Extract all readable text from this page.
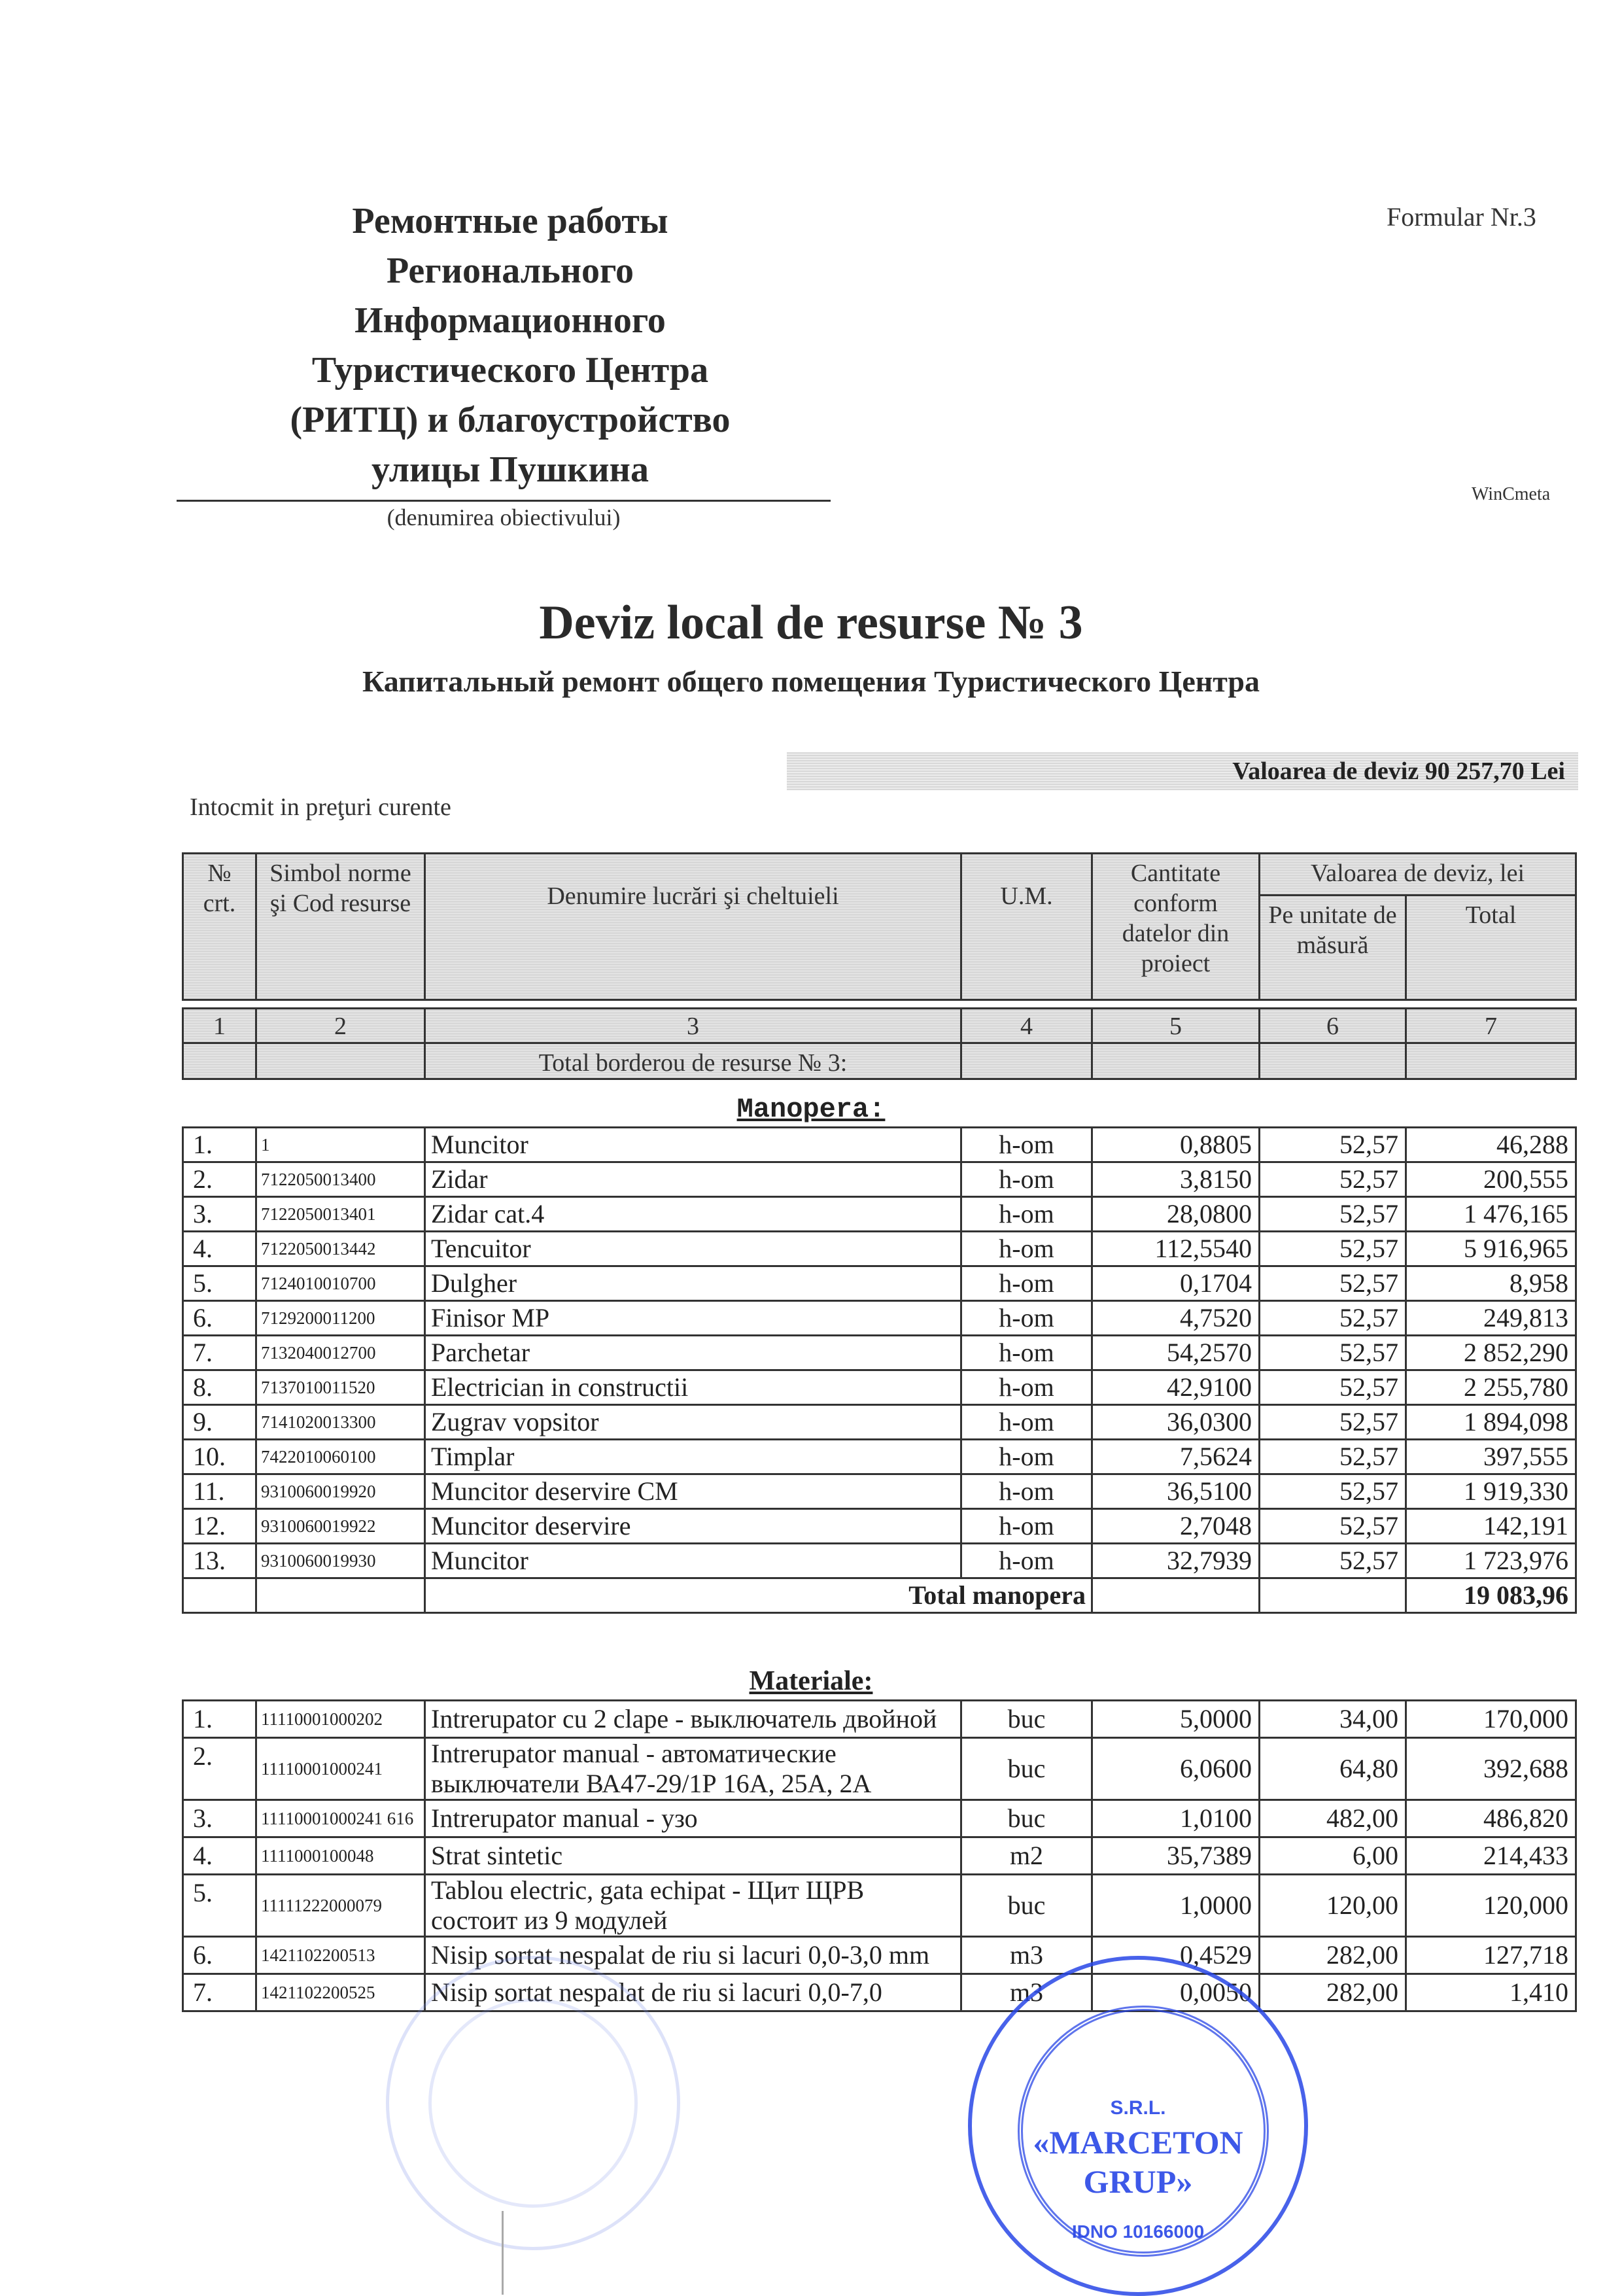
Ремонтные работы
Регионального
Информационного
Туристического Центра
(РИТЦ) и благоустройство
улицы Пушкина
(denumirea obiectivului)
Formular Nr.3
WinCmeta
Deviz local de resurse № 3
Капитальный ремонт общего помещения Туристического Центра
Valoarea de deviz 90 257,70 Lei
Intocmit in preţuri curente
№ crt.	Simbol norme şi Cod resurse	Denumire lucrări şi cheltuieli	U.M.	Cantitate conform datelor din proiect	Valoarea de deviz, lei	
					Pe unitate de măsură	Total

1	2	3	4	5	6	7
		Total borderou de resurse № 3:				
Manopera:
1.	1	Muncitor	h-om	0,8805	52,57	46,288
2.	7122050013400	Zidar	h-om	3,8150	52,57	200,555
3.	7122050013401	Zidar cat.4	h-om	28,0800	52,57	1 476,165
4.	7122050013442	Tencuitor	h-om	112,5540	52,57	5 916,965
5.	7124010010700	Dulgher	h-om	0,1704	52,57	8,958
6.	7129200011200	Finisor MP	h-om	4,7520	52,57	249,813
7.	7132040012700	Parchetar	h-om	54,2570	52,57	2 852,290
8.	7137010011520	Electrician in constructii	h-om	42,9100	52,57	2 255,780
9.	7141020013300	Zugrav vopsitor	h-om	36,0300	52,57	1 894,098
10.	7422010060100	Timplar	h-om	7,5624	52,57	397,555
11.	9310060019920	Muncitor deservire CM	h-om	36,5100	52,57	1 919,330
12.	9310060019922	Muncitor deservire	h-om	2,7048	52,57	142,191
13.	9310060019930	Muncitor	h-om	32,7939	52,57	1 723,976
		Total manopera				19 083,96
Materiale:
1.	11110001000202	Intrerupator cu 2 clape - выключатель двойной	buc	5,0000	34,00	170,000
2.	11110001000241	Intrerupator manual - автоматические выключатели ВА47-29/1Р 16А, 25А, 2А	buc	6,0600	64,80	392,688
3.	11110001000241 616	Intrerupator manual - узо	buc	1,0100	482,00	486,820
4.	1111000100048	Strat sintetic	m2	35,7389	6,00	214,433
5.	11111222000079	Tablou electric, gata echipat - Щит ЩРВ состоит из 9 модулей	buc	1,0000	120,00	120,000
6.	1421102200513	Nisip sortat nespalat de riu si lacuri 0,0-3,0 mm	m3	0,4529	282,00	127,718
7.	1421102200525	Nisip sortat nespalat de riu si lacuri 0,0-7,0	m3	0,0050	282,00	1,410
S.R.L.
«MARCETON
GRUP»
IDNO 10166000
